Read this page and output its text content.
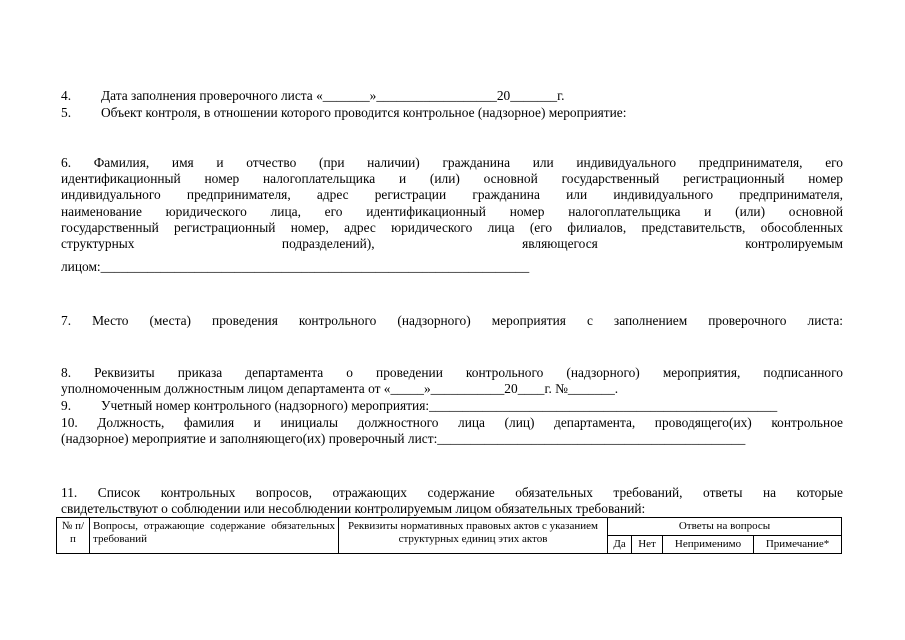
4. Дата заполнения проверочного листа «_______»__________________20_______г.
5. Объект контроля, в отношении которого проводится контрольное (надзорное) мероприятие:
6. Фамилия, имя и отчество (при наличии) гражданина или индивидуального предпринимателя, его
идентификационный номер налогоплательщика и (или) основной государственный регистрационный номер
индивидуального предпринимателя, адрес регистрации гражданина или индивидуального предпринимателя,
наименование юридического лица, его идентификационный номер налогоплательщика и (или) основной
государственный регистрационный номер, адрес юридического лица (его филиалов, представительств, обособленных
структурных подразделений), являющегося контролируемым
лицом:________________________________________________________________
7. Место (места) проведения контрольного (надзорного) мероприятия с заполнением проверочного листа:
8. Реквизиты приказа департамента о проведении контрольного (надзорного) мероприятия, подписанного
уполномоченным должностным лицом департамента от «_____»___________20____г. №_______.
9. Учетный номер контрольного (надзорного) мероприятия:____________________________________________________
10. Должность, фамилия и инициалы должностного лица (лиц) департамента, проводящего(их) контрольное
(надзорное) мероприятие и заполняющего(их) проверочный лист:______________________________________________
11. Список контрольных вопросов, отражающих содержание обязательных требований, ответы на которые
свидетельствуют о соблюдении или несоблюдении контролируемым лицом обязательных требований:
№ п/п	Вопросы, отражающие содержание обязательных требований	Реквизиты нормативных правовых актов с указанием структурных единиц этих актов	Ответы на вопросы			
			Да	Нет	Неприменимо	Примечание*
